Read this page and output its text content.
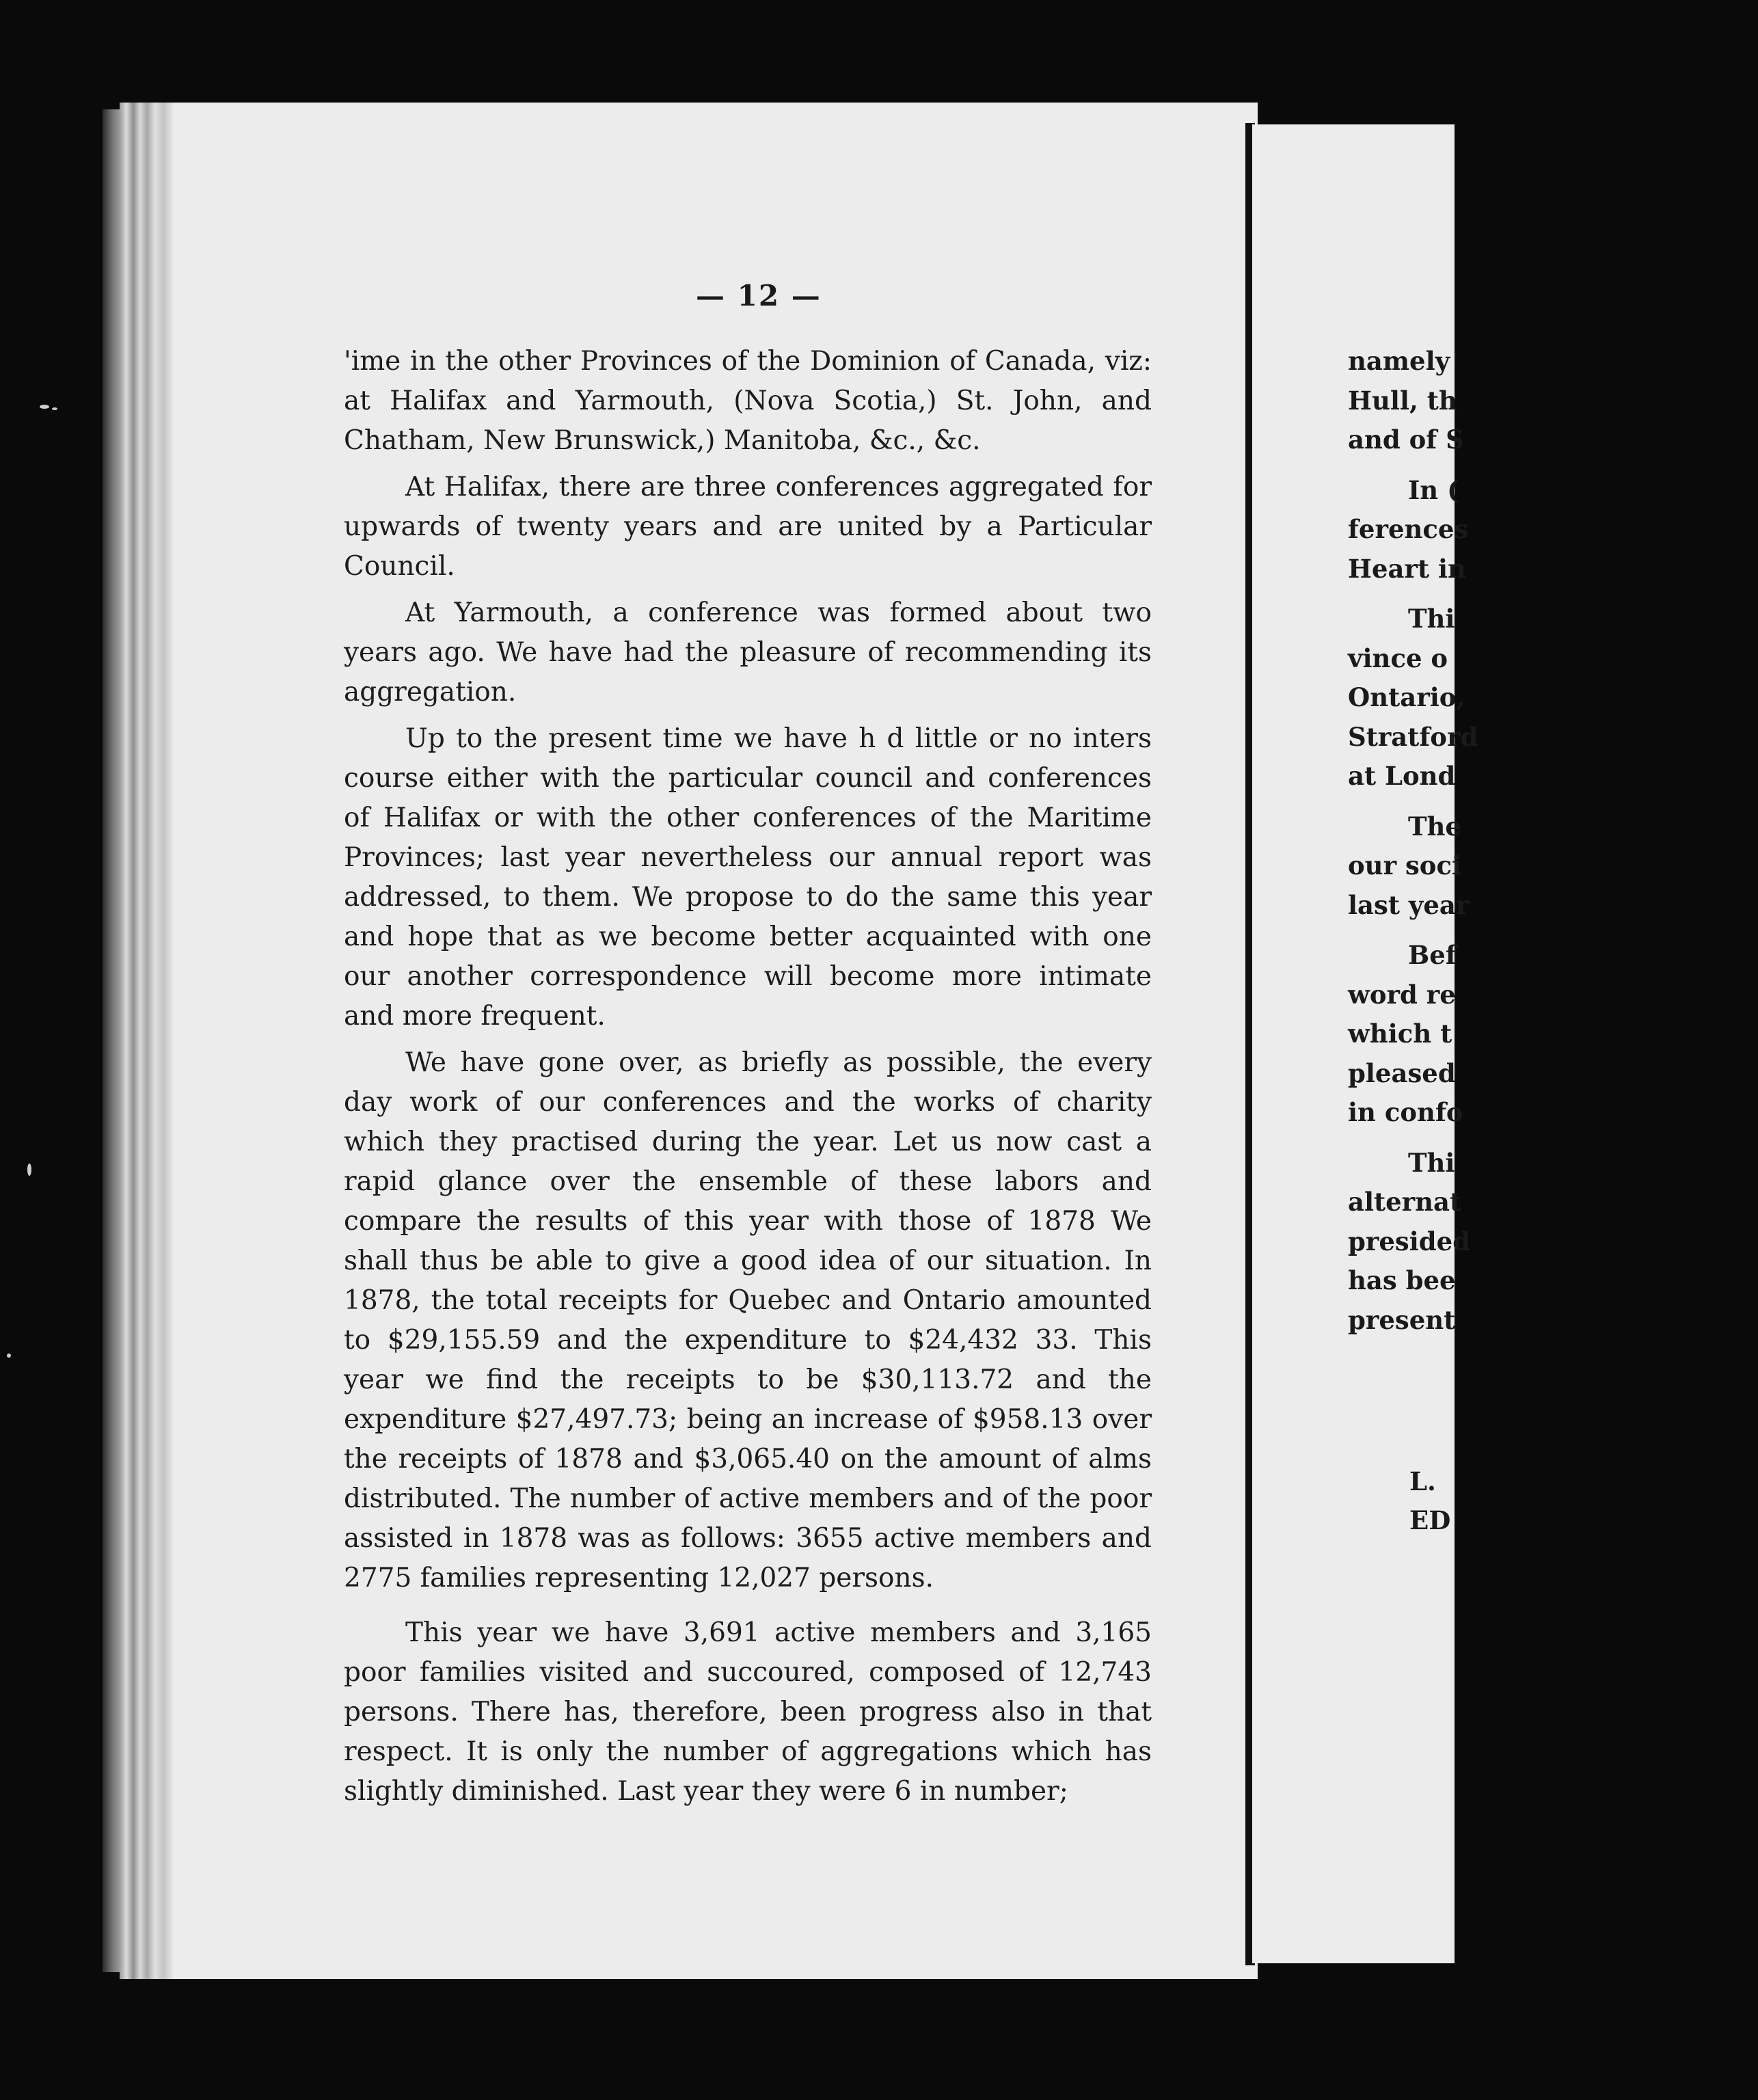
— 12 —

'ime in the other Provinces of the Dominion of Canada, viz: at Halifax and Yarmouth, (Nova Scotia,) St. John, and Chatham, New Brunswick,) Manitoba, &c., &c.

At Halifax, there are three conferences aggregated for upwards of twenty years and are united by a Particular Council.

At Yarmouth, a conference was formed about two years ago. We have had the pleasure of recommending its aggregation.

Up to the present time we have h d little or no inters course either with the particular council and conferences of Halifax or with the other conferences of the Maritime Provinces; last year nevertheless our annual report was addressed, to them. We propose to do the same this year and hope that as we become better acquainted with one our another correspondence will become more intimate and more frequent.

We have gone over, as briefly as possible, the every day work of our conferences and the works of charity which they practised during the year. Let us now cast a rapid glance over the ensemble of these labors and compare the results of this year with those of 1878 We shall thus be able to give a good idea of our situation. In 1878, the total receipts for Quebec and Ontario amounted to $29,155.59 and the expenditure to $24,432 33. This year we find the receipts to be $30,113.72 and the expenditure $27,497.73; being an increase of $958.13 over the receipts of 1878 and $3,065.40 on the amount of alms distributed. The number of active members and of the poor assisted in 1878 was as follows: 3655 active members and 2775 families representing 12,027 persons.

This year we have 3,691 active members and 3,165 poor families visited and succoured, composed of 12,743 persons. There has, therefore, been progress also in that respect. It is only the number of aggregations which has slightly diminished. Last year they were 6 in number;

namely
Hull, th
and of S
In (
ferences
Heart in
Thi
vince o
Ontario,
Stratford
at Lond
The
our soci
last year
Bef
word re
which t
pleased
in confo
Thi
alternat
presided
has bee
present
L.
ED
